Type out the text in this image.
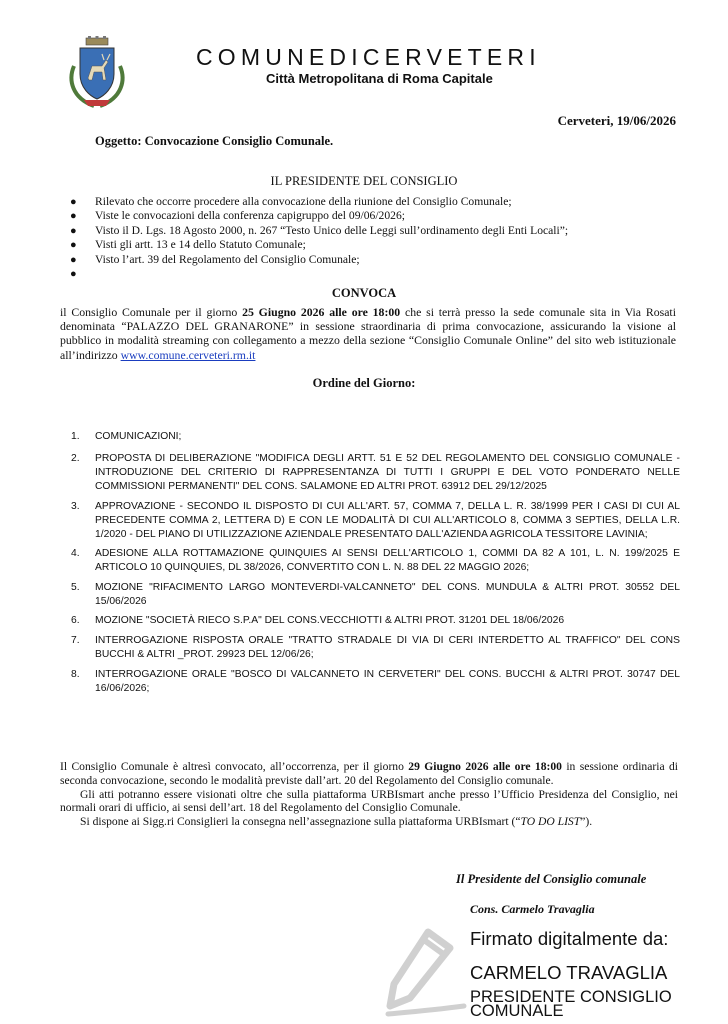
COMUNEDICERVETERI
Città Metropolitana di Roma Capitale
Cerveteri, 19/06/2026
Oggetto: Convocazione Consiglio Comunale.
IL PRESIDENTE DEL CONSIGLIO
● Rilevato che occorre procedere alla convocazione della riunione del Consiglio Comunale;
● Viste le convocazioni della conferenza capigruppo del 09/06/2026;
● Visto il D. Lgs. 18 Agosto 2000, n. 267 “Testo Unico delle Leggi sull’ordinamento degli Enti Locali”;
● Visti gli artt. 13 e 14 dello Statuto Comunale;
● Visto l’art. 39 del Regolamento del Consiglio Comunale;
●
CONVOCA
il Consiglio Comunale per il giorno 25 Giugno 2026 alle ore 18:00 che si terrà presso la sede comunale sita in Via Rosati denominata “PALAZZO DEL GRANARONE” in sessione straordinaria di prima convocazione, assicurando la visione al pubblico in modalità streaming con collegamento a mezzo della sezione “Consiglio Comunale Online” del sito web istituzionale all’indirizzo www.comune.cerveteri.rm.it
Ordine del Giorno:
1. COMUNICAZIONI;
2. PROPOSTA DI DELIBERAZIONE "MODIFICA DEGLI ARTT. 51 E 52 DEL REGOLAMENTO DEL CONSIGLIO COMUNALE - INTRODUZIONE DEL CRITERIO DI RAPPRESENTANZA DI TUTTI I GRUPPI E DEL VOTO PONDERATO NELLE COMMISSIONI PERMANENTI" DEL CONS. SALAMONE ED ALTRI PROT. 63912 DEL 29/12/2025
3. APPROVAZIONE - SECONDO IL DISPOSTO DI CUI ALL'ART. 57, COMMA 7, DELLA L. R. 38/1999 PER I CASI DI CUI AL PRECEDENTE COMMA 2, LETTERA D) E CON LE MODALITÀ DI CUI ALL'ARTICOLO 8, COMMA 3 SEPTIES, DELLA L.R. 1/2020 - DEL PIANO DI UTILIZZAZIONE AZIENDALE PRESENTATO DALL'AZIENDA AGRICOLA TESSITORE LAVINIA;
4. ADESIONE ALLA ROTTAMAZIONE QUINQUIES AI SENSI DELL'ARTICOLO 1, COMMI DA 82 A 101, L. N. 199/2025 E ARTICOLO 10 QUINQUIES, DL 38/2026, CONVERTITO CON L. N. 88 DEL 22 MAGGIO 2026;
5. MOZIONE "RIFACIMENTO LARGO MONTEVERDI-VALCANNETO" DEL CONS. MUNDULA & ALTRI PROT. 30552 DEL 15/06/2026
6. MOZIONE "SOCIETÀ RIECO S.P.A" DEL CONS.VECCHIOTTI & ALTRI PROT. 31201 DEL 18/06/2026
7. INTERROGAZIONE RISPOSTA ORALE "TRATTO STRADALE DI VIA DI CERI INTERDETTO AL TRAFFICO" DEL CONS BUCCHI & ALTRI _PROT. 29923 DEL 12/06/26;
8. INTERROGAZIONE ORALE "BOSCO DI VALCANNETO IN CERVETERI" DEL CONS. BUCCHI & ALTRI PROT. 30747 DEL 16/06/2026;

Il Consiglio Comunale è altresì convocato, all’occorrenza, per il giorno 29 Giugno 2026 alle ore 18:00 in sessione ordinaria di seconda convocazione, secondo le modalità previste dall’art. 20 del Regolamento del Consiglio comunale.

Gli atti potranno essere visionati oltre che sulla piattaforma URBIsmart anche presso l’Ufficio Presidenza del Consiglio, nei normali orari di ufficio, ai sensi dell’art. 18 del Regolamento del Consiglio Comunale.

Si dispone ai Sigg.ri Consiglieri la consegna nell’assegnazione sulla piattaforma URBIsmart (“TO DO LIST”).

Il Presidente del Consiglio comunale
Cons. Carmelo Travaglia
Firmato digitalmente da:
CARMELO TRAVAGLIA
PRESIDENTE CONSIGLIO COMUNALE
